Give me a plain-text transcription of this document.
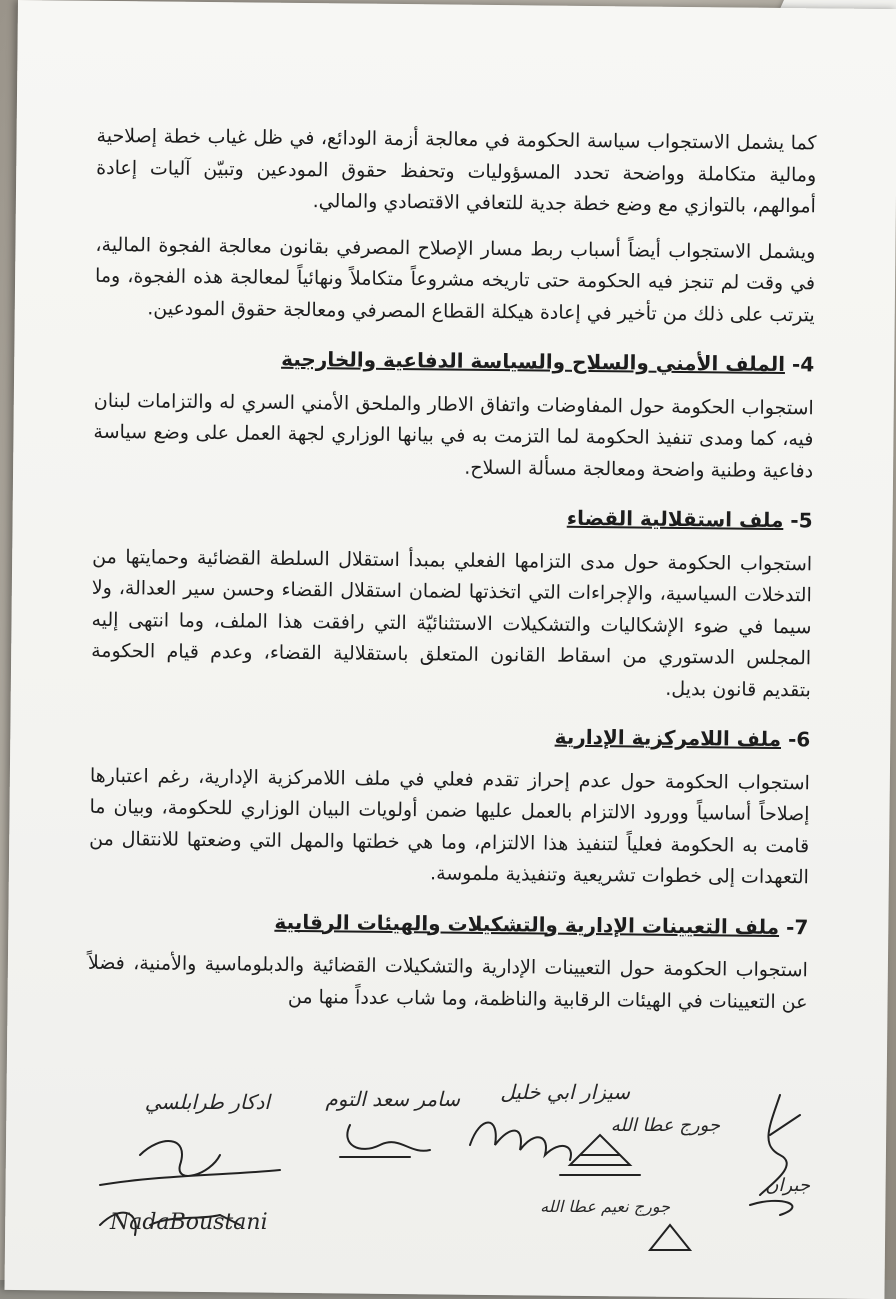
كما يشمل الاستجواب سياسة الحكومة في معالجة أزمة الودائع، في ظل غياب خطة إصلاحية ومالية متكاملة وواضحة تحدد المسؤوليات وتحفظ حقوق المودعين وتبيّن آليات إعادة أموالهم، بالتوازي مع وضع خطة جدية للتعافي الاقتصادي والمالي.

ويشمل الاستجواب أيضاً أسباب ربط مسار الإصلاح المصرفي بقانون معالجة الفجوة المالية، في وقت لم تنجز فيه الحكومة حتى تاريخه مشروعاً متكاملاً ونهائياً لمعالجة هذه الفجوة، وما يترتب على ذلك من تأخير في إعادة هيكلة القطاع المصرفي ومعالجة حقوق المودعين.

4- الملف الأمني والسلاح والسياسة الدفاعية والخارجية

استجواب الحكومة حول المفاوضات واتفاق الاطار والملحق الأمني السري له والتزامات لبنان فيه، كما ومدى تنفيذ الحكومة لما التزمت به في بيانها الوزاري لجهة العمل على وضع سياسة دفاعية وطنية واضحة ومعالجة مسألة السلاح.

5- ملف استقلالية القضاء

استجواب الحكومة حول مدى التزامها الفعلي بمبدأ استقلال السلطة القضائية وحمايتها من التدخلات السياسية، والإجراءات التي اتخذتها لضمان استقلال القضاء وحسن سير العدالة، ولا سيما في ضوء الإشكاليات والتشكيلات الاستثنائيّة التي رافقت هذا الملف، وما انتهى إليه المجلس الدستوري من اسقاط القانون المتعلق باستقلالية القضاء، وعدم قيام الحكومة بتقديم قانون بديل.

6- ملف اللامركزية الإدارية

استجواب الحكومة حول عدم إحراز تقدم فعلي في ملف اللامركزية الإدارية، رغم اعتبارها إصلاحاً أساسياً وورود الالتزام بالعمل عليها ضمن أولويات البيان الوزاري للحكومة، وبيان ما قامت به الحكومة فعلياً لتنفيذ هذا الالتزام، وما هي خطتها والمهل التي وضعتها للانتقال من التعهدات إلى خطوات تشريعية وتنفيذية ملموسة.

7- ملف التعيينات الإدارية والتشكيلات والهيئات الرقابية

استجواب الحكومة حول التعيينات الإدارية والتشكيلات القضائية والدبلوماسية والأمنية، فضلاً عن التعيينات في الهيئات الرقابية والناظمة، وما شاب عدداً منها من

ادكار طرابلسي	سامر سعد التوم سيزار ابي خليل
جورج عطا الله
جبران
NadaBoustani
جورج نعيم عطا الله
